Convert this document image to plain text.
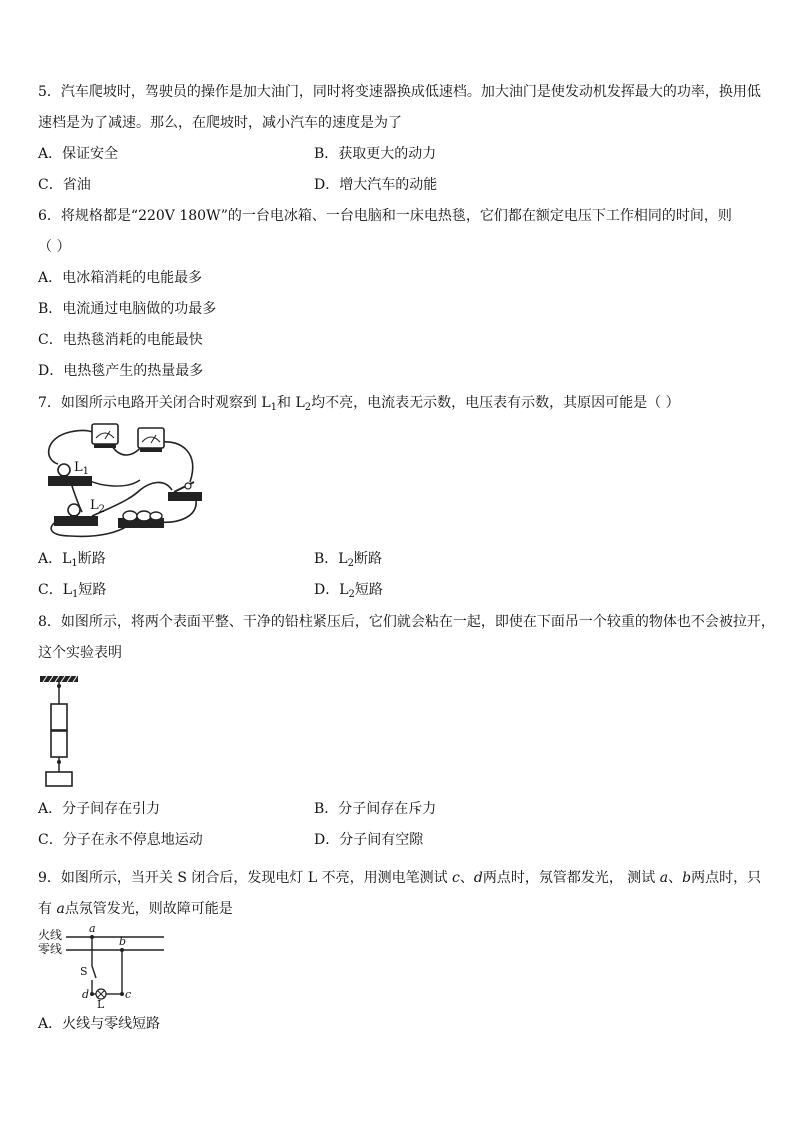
5．汽车爬坡时，驾驶员的操作是加大油门，同时将变速器换成低速档。加大油门是使发动机发挥最大的功率，换用低
速档是为了减速。那么，在爬坡时，减小汽车的速度是为了
A．保证安全	B．获取更大的动力
C．省油	D．增大汽车的动能
6．将规格都是“220V 180W”的一台电冰箱、一台电脑和一床电热毯，它们都在额定电压下工作相同的时间，则
（ ）
A．电冰箱消耗的电能最多
B．电流通过电脑做的功最多
C．电热毯消耗的电能最快
D．电热毯产生的热量最多
7．如图所示电路开关闭合时观察到 $L_1$和 $L_2$均不亮，电流表无示数，电压表有示数，其原因可能是（ ）
$L_1$
$L_2$
A．$L_1$断路	B．$L_2$断路
C．$L_1$短路	D．$L_2$短路
8．如图所示，将两个表面平整、干净的铅柱紧压后，它们就会粘在一起，即使在下面吊一个较重的物体也不会被拉开，
这个实验表明
A．分子间存在引力	B．分子间存在斥力
C．分子在永不停息地运动	D．分子间有空隙
9．如图所示，当开关 S 闭合后，发现电灯 L 不亮，用测电笔测试 c、d两点时，氖管都发光， 测试 a、b两点时，只
有 a点氖管发光，则故障可能是
火线
零线
a
b
S
d	c
L
A．火线与零线短路
